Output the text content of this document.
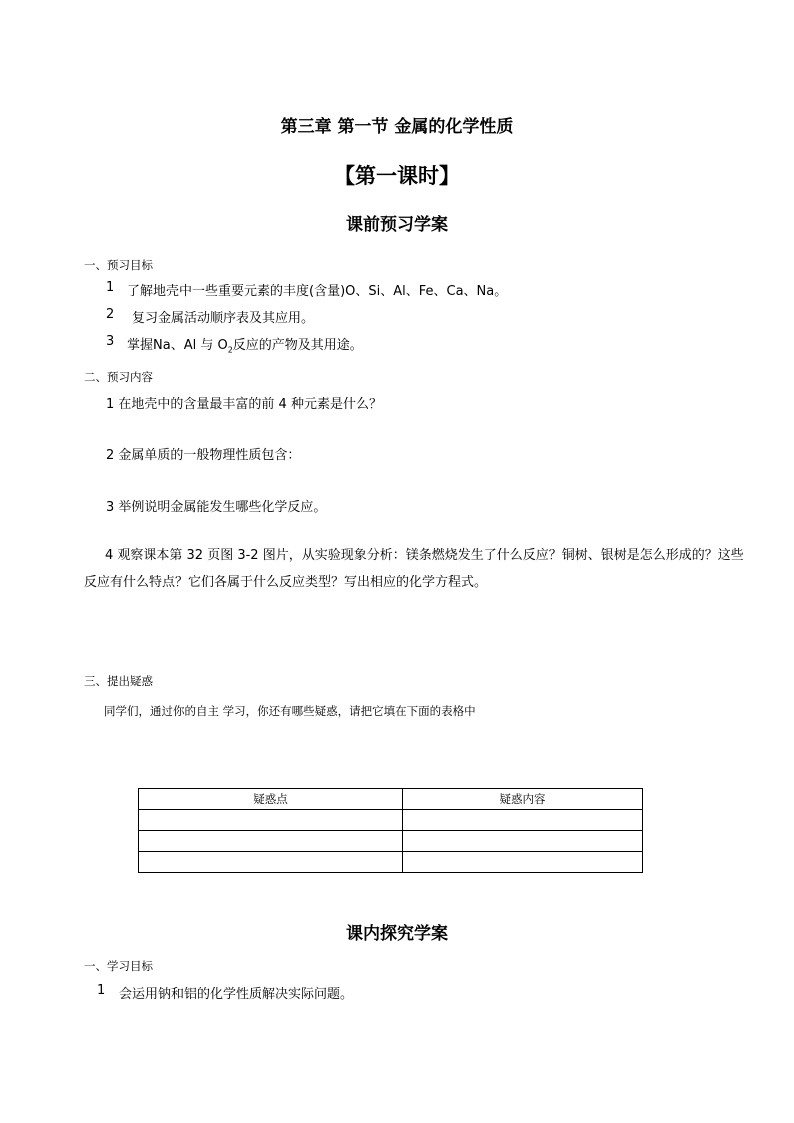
第三章 第一节 金属的化学性质
【第一课时】
课前预习学案
一、预习目标
1 了解地壳中一些重要元素的丰度(含量)O、Si、Al、Fe、Ca、Na。
2 复习金属活动顺序表及其应用。
3 掌握Na、Al 与 $O_2$反应的产物及其用途。
二、预习内容
1 在地壳中的含量最丰富的前 4 种元素是什么？
2 金属单质的一般物理性质包含：
3 举例说明金属能发生哪些化学反应。
4 观察课本第 32 页图 3-2 图片，从实验现象分析：镁条燃烧发生了什么反应？铜树、银树是怎么形成的？这些反应有什么特点？它们各属于什么反应类型？写出相应的化学方程式。
三、提出疑惑
同学们，通过你的自主 学习，你还有哪些疑惑，请把它填在下面的表格中
疑惑点	疑惑内容

课内探究学案
一、学习目标
1 会运用钠和铝的化学性质解决实际问题。
